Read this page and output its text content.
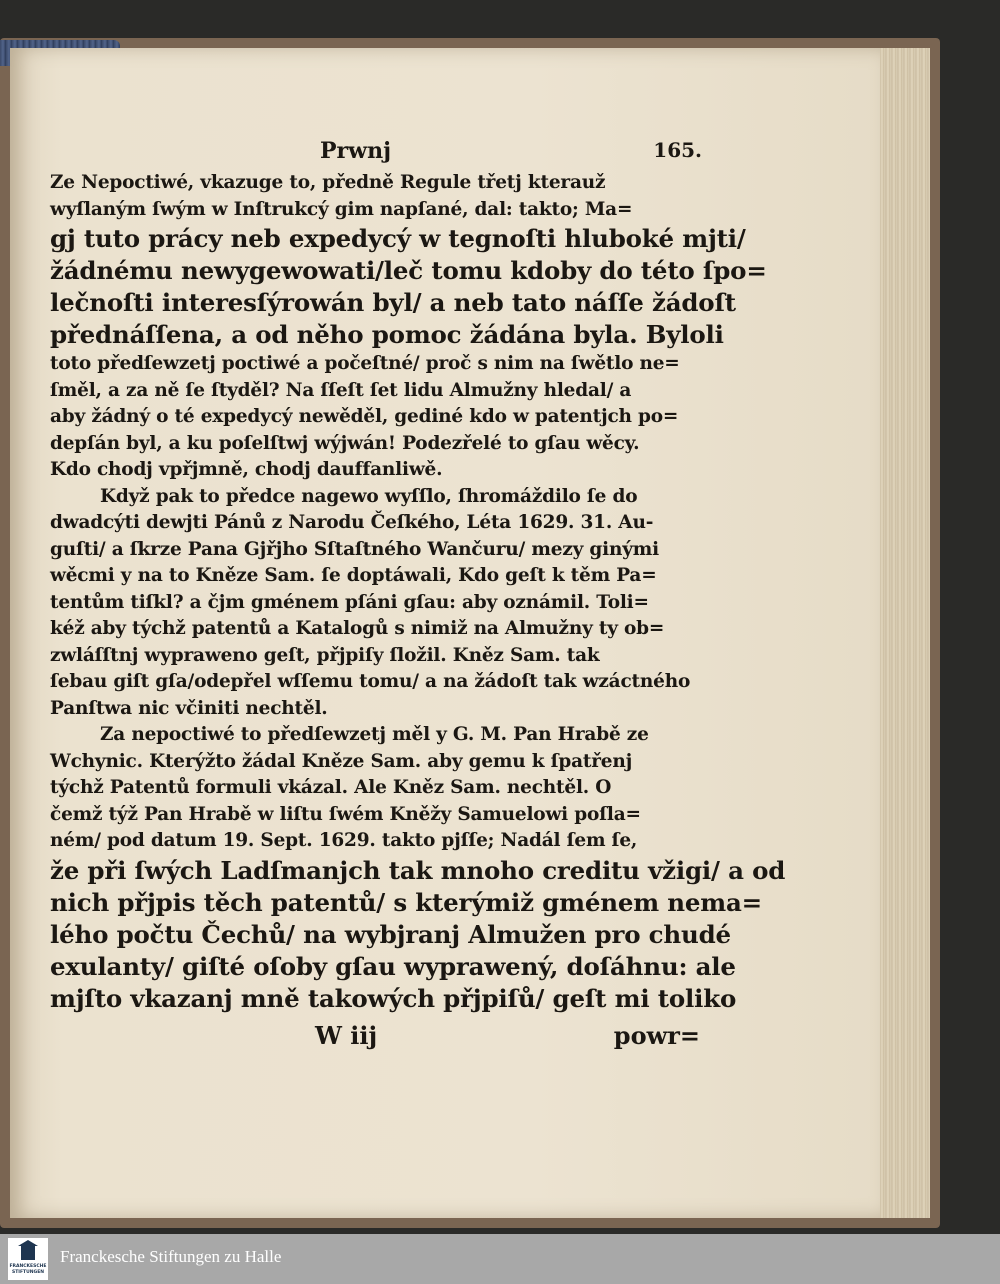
Prwnj	165.
Ze Nepoctiwé, vkazuge to, předně Regule třetj kterauž
wyſlaným ſwým w Inſtrukcý gim napſané, dal: takto; Ma=
gj tuto prácy neb expedycý w tegnoſti hluboké mjti/
žádnému newygewowati/leč tomu kdoby do této ſpo=
lečnoſti interesſýrowán byl/ a neb tato náſſe žádoſt
přednáſſena, a od něho pomoc žádána byla. Byloli
toto předſewzetj poctiwé a počeſtné/ proč s nim na ſwětlo ne=
ſměl, a za ně ſe ſtyděl? Na ſſeſt ſet lidu Almužny hledal/ a
aby žádný o té expedycý newěděl, gediné kdo w patentjch po=
depſán byl, a ku poſelſtwj wýjwán! Podezřelé to gſau wěcy.
Kdo chodj vpřjmně, chodj dauffanliwě.
Když pak to předce nagewo wyſſlo, ſhromáždilo ſe do
dwadcýti dewjti Pánů z Narodu Čeſkého, Léta 1629. 31. Au-
guſti/ a ſkrze Pana Gjřjho Sſtaſtného Wančuru/ mezy ginými
wěcmi y na to Kněze Sam. ſe doptáwali, Kdo geſt k těm Pa=
tentům tiſkl? a čjm gménem pſáni gſau: aby oznámil. Toli=
kéž aby týchž patentů a Katalogů s nimiž na Almužny ty ob=
zwláſſtnj wyprawenо geſt, přjpiſy ſložil. Kněz Sam. tak
ſebau giſt gſa/odepřel wſſemu tomu/ a na žádoſt tak wzáctného
Panſtwa nic včiniti nechtěl.
Za nepoctiwé to předſewzetj měl y G. M. Pan Hrabě ze
Wchynic. Kterýžto žádal Kněze Sam. aby gemu k ſpatřenj
týchž Patentů formuli vkázal. Ale Kněz Sam. nechtěl. O
čemž týž Pan Hrabě w liſtu ſwém Kněžy Samuelowi poſla=
ném/ pod datum 19. Sept. 1629. takto pjſſe; Nadál ſem ſe,
že při ſwých Ladſmanjch tak mnoho creditu vžigi/ a od
nich přjpis těch patentů/ s kterýmiž gménem nema=
lého počtu Čechů/ na wybjranj Almužen pro chudé
exulanty/ giſté oſoby gſau wyprawený, doſáhnu: ale
mjſto vkazanj mně takowých přjpiſů/ geſt mi toliko
W iij	powr=
FRANCKESCHE STIFTUNGEN
Franckesche Stiftungen zu Halle
